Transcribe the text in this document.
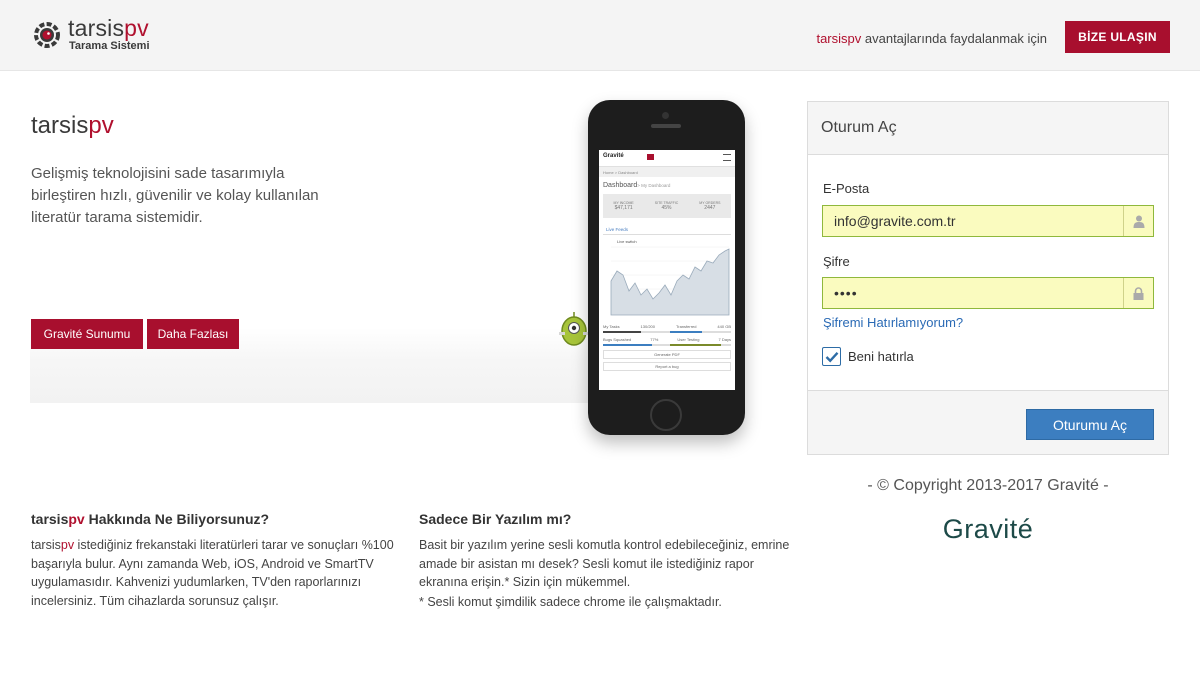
tarsispv
Tarama Sistemi	tarsispv avantajlarında faydalanmak için	BİZE ULAŞIN
tarsispv

Gelişmiş teknolojisini sade tasarımıyla birleştiren hızlı, güvenilir ve kolay kullanılan literatür tarama sistemidir.

Gravité Sunumu	Daha Fazlası
Gravité
Home > Dashboard
Dashboard> My Dashboard
MY INCOME
$47,171
SITE TRAFFIC
45%
MY ORDERS
2447
Live Feeds
Live switch
My Tasks	130/200	Transferred	440 GB
Bugs Squashed	77%	User Testing	7 Days
Generate PDF
Report a bug
Oturum Aç
E-Posta
info@gravite.com.tr
Şifre
••••
Şifremi Hatırlamıyorum?
Beni hatırla
Oturumu Aç
- © Copyright 2013-2017 Gravité -
Gravité
tarsispv Hakkında Ne Biliyorsunuz?

tarsispv istediğiniz frekanstaki literatürleri tarar ve sonuçları %100 başarıyla bulur. Aynı zamanda Web, iOS, Android ve SmartTV uygulamasıdır. Kahvenizi yudumlarken, TV'den raporlarınızı incelersiniz. Tüm cihazlarda sorunsuz çalışır.

Sadece Bir Yazılım mı?

Basit bir yazılım yerine sesli komutla kontrol edebileceğiniz, emrine amade bir asistan mı desek? Sesli komut ile istediğiniz rapor ekranına erişin.* Sizin için mükemmel.

* Sesli komut şimdilik sadece chrome ile çalışmaktadır.
